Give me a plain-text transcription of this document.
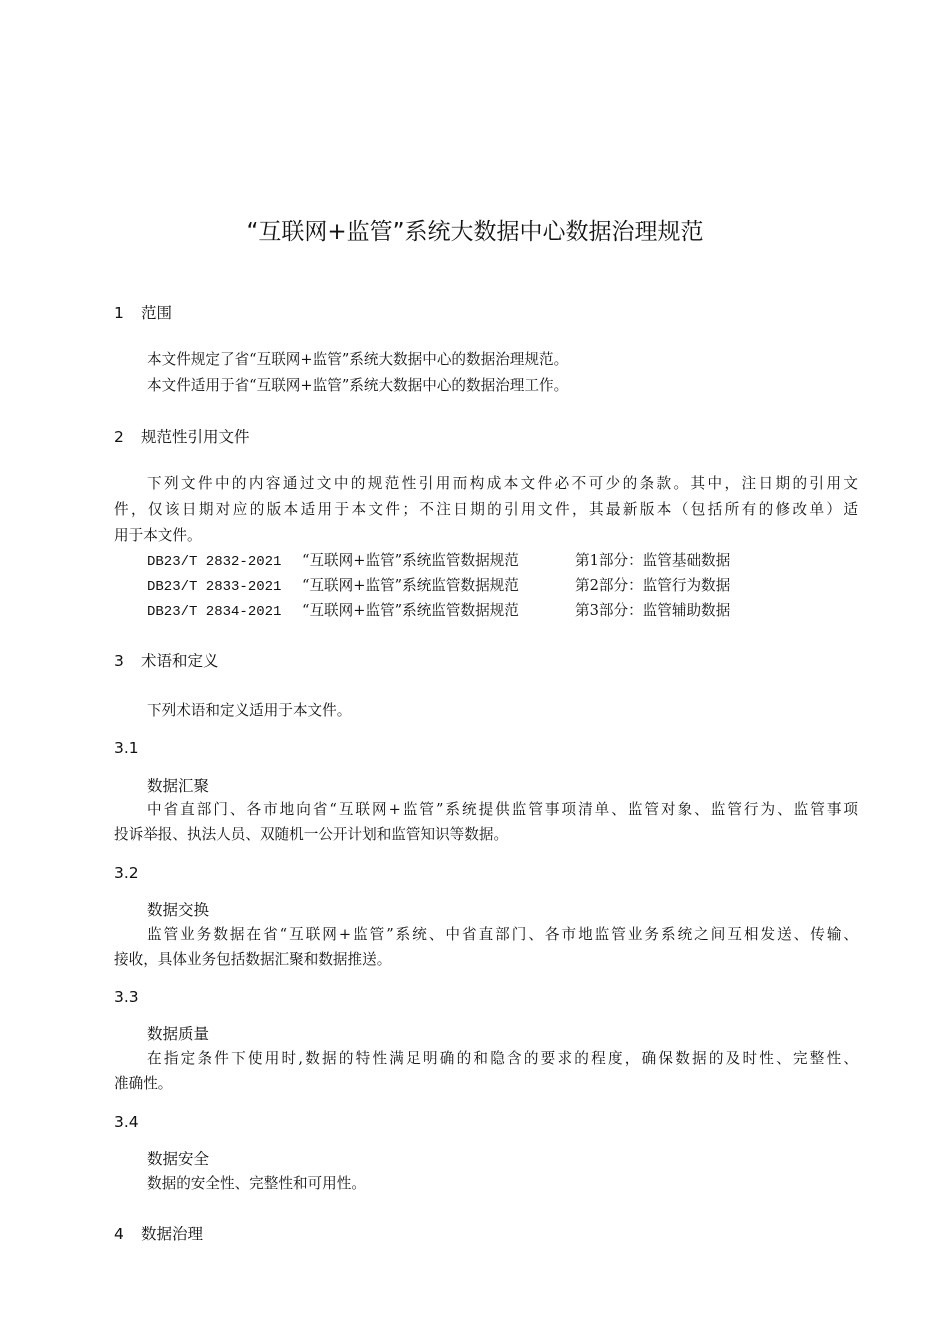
“互联网+监管”系统大数据中心数据治理规范
1 范围
本文件规定了省“互联网+监管”系统大数据中心的数据治理规范。
本文件适用于省“互联网+监管”系统大数据中心的数据治理工作。
2 规范性引用文件
下列文件中的内容通过文中的规范性引用而构成本文件必不可少的条款。其中，注日期的引用文
件，仅该日期对应的版本适用于本文件；不注日期的引用文件，其最新版本（包括所有的修改单）适
用于本文件。
DB23/T 2832-2021 “互联网+监管”系统监管数据规范	第1部分：监管基础数据
DB23/T 2833-2021 “互联网+监管”系统监管数据规范	第2部分：监管行为数据
DB23/T 2834-2021 “互联网+监管”系统监管数据规范	第3部分：监管辅助数据
3 术语和定义
下列术语和定义适用于本文件。
3.1
数据汇聚
中省直部门、各市地向省“互联网+监管”系统提供监管事项清单、监管对象、监管行为、监管事项
投诉举报、执法人员、双随机一公开计划和监管知识等数据。
3.2
数据交换
监管业务数据在省“互联网+监管”系统、中省直部门、各市地监管业务系统之间互相发送、传输、
接收，具体业务包括数据汇聚和数据推送。
3.3
数据质量
在指定条件下使用时,数据的特性满足明确的和隐含的要求的程度，确保数据的及时性、完整性、
准确性。
3.4
数据安全
数据的安全性、完整性和可用性。
4 数据治理
